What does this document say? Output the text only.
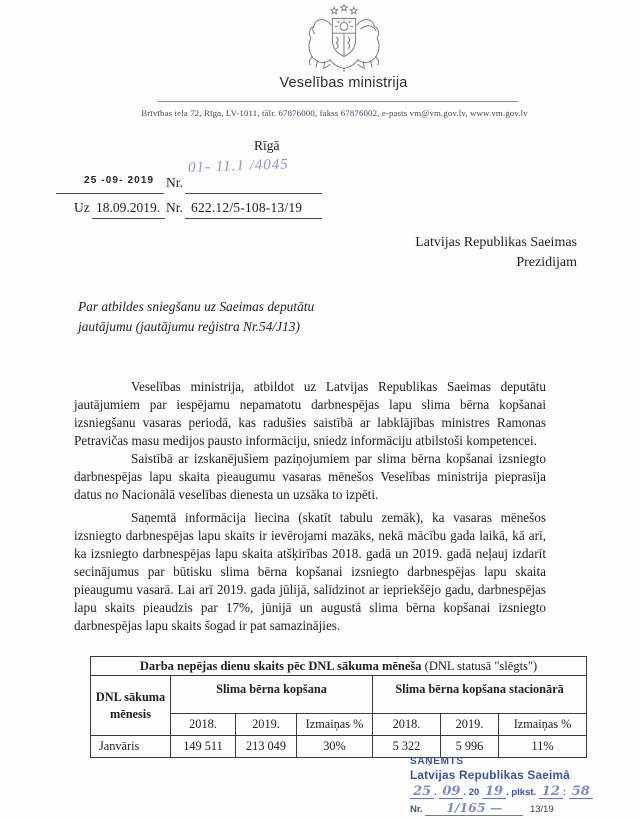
Veselības ministrija
Brīvības iela 72, Rīga, LV-1011, tālr. 67876000, fakss 67876002, e-pasts vm@vm.gov.lv, www.vm.gov.lv
Rīgā
25 -09- 2019 Nr.
01- 11.1 /4045
Uz 18.09.2019. Nr. 622.12/5-108-13/19
Latvijas Republikas Saeimas
Prezidijam
Par atbildes sniegšanu uz Saeimas deputātu jautājumu (jautājumu reģistra Nr.54/J13)

Veselības ministrija, atbildot uz Latvijas Republikas Saeimas deputātu jautājumiem par iespējamu nepamatotu darbnespējas lapu slima bērna kopšanai izsniegšanu vasaras periodā, kas radušies saistībā ar labklājības ministres Ramonas Petravičas masu medijos pausto informāciju, sniedz informāciju atbilstoši kompetencei.

Saistībā ar izskanējušiem paziņojumiem par slima bērna kopšanai izsniegto darbnespējas lapu skaita pieaugumu vasaras mēnešos Veselības ministrija pieprasīja datus no Nacionālā veselības dienesta un uzsāka to izpēti.

Saņemtā informācija liecina (skatīt tabulu zemāk), ka vasaras mēnešos izsniegto darbnespējas lapu skaits ir ievērojami mazāks, nekā mācību gada laikā, kā arī, ka izsniegto darbnespējas lapu skaita atšķirības 2018. gadā un 2019. gadā neļauj izdarīt secinājumus par būtisku slima bērna kopšanai izsniegto darbnespējas lapu skaita pieaugumu vasarā. Lai arī 2019. gada jūlijā, salīdzinot ar iepriekšējo gadu, darbnespējas lapu skaits pieaudzis par 17%, jūnijā un augustā slima bērna kopšanai izsniegto darbnespējas lapu skaits šogad ir pat samazinājies.

Darba nepējas dienu skaits pēc DNL sākuma mēneša (DNL statusā "slēgts")						
DNL sākuma mēnesis	Slima bērna kopšana			Slima bērna kopšana stacionārā		
	2018.	2019.	Izmaiņas %	2018.	2019.	Izmaiņas %
Janvāris	149 511	213 049	30%	5 322	5 996	11%
SAŅEMTS
Latvijas Republikas Saeimā
25 . 09 . 20 19 . plkst. 12 : 58
Nr. 1/165 —	13/19
